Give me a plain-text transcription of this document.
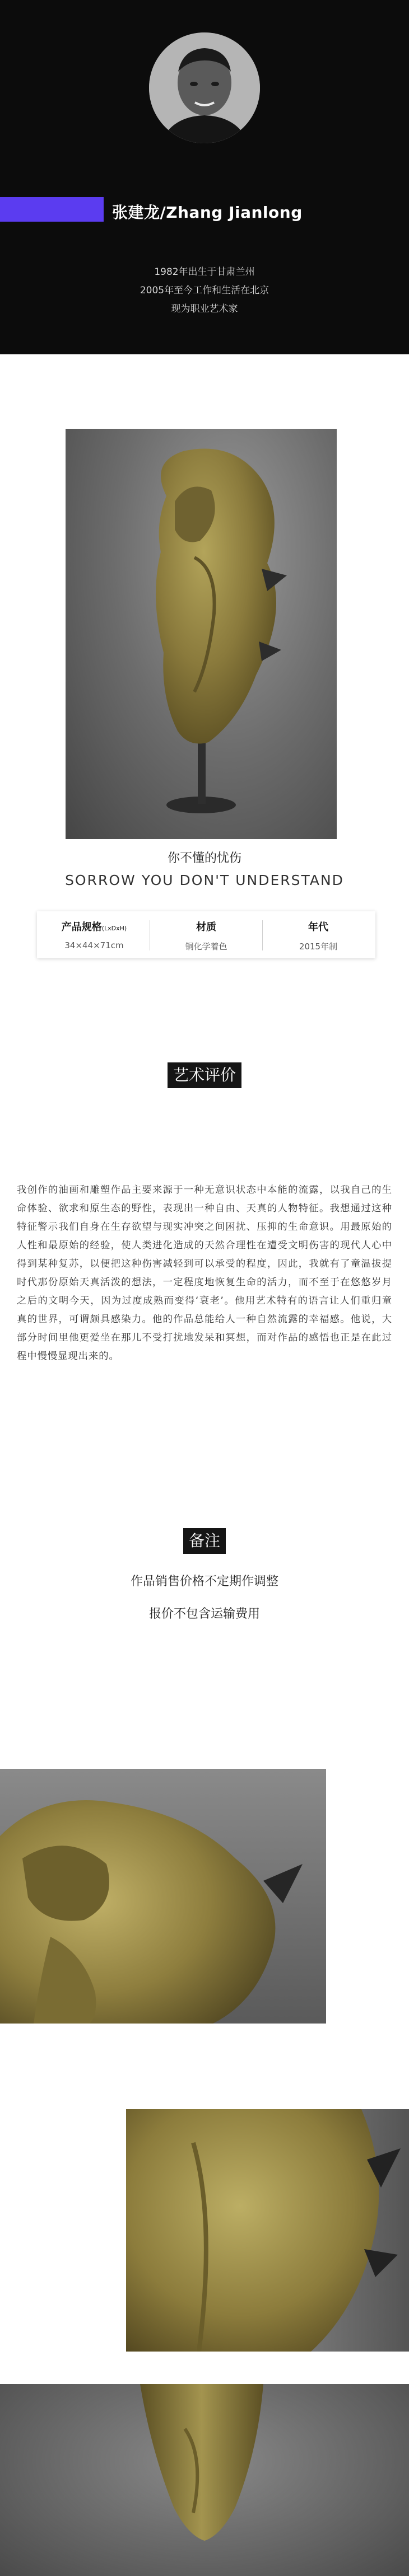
张建龙/Zhang Jianlong
1982年出生于甘肃兰州
2005年至今工作和生活在北京
现为职业艺术家
你不懂的忧伤
SORROW YOU DON'T UNDERSTAND
产品规格(LxDxH)
34×44×71cm
材质
铜化学着色
年代
2015年制
艺术评价
我创作的油画和雕塑作品主要来源于一种无意识状态中本能的流露，以我自己的生命体验、欲求和原生态的野性，表现出一种自由、天真的人物特征。我想通过这种特征警示我们自身在生存欲望与现实冲突之间困扰、压抑的生命意识。用最原始的人性和最原始的经验，使人类进化造成的天然合理性在遭受文明伤害的现代人心中得到某种复苏，以便把这种伤害减轻到可以承受的程度，因此，我就有了童温拔提时代那份原始天真活泼的想法，一定程度地恢复生命的活力，而不至于在悠悠岁月之后的文明今天，因为过度成熟而变得‘衰老’。他用艺术特有的语言让人们重归童真的世界，可谓颇具感染力。他的作品总能给人一种自然流露的幸福感。他说，大部分时间里他更爱坐在那儿不受打扰地发呆和冥想，而对作品的感悟也正是在此过程中慢慢显现出来的。
备注
作品销售价格不定期作调整
报价不包含运输费用
